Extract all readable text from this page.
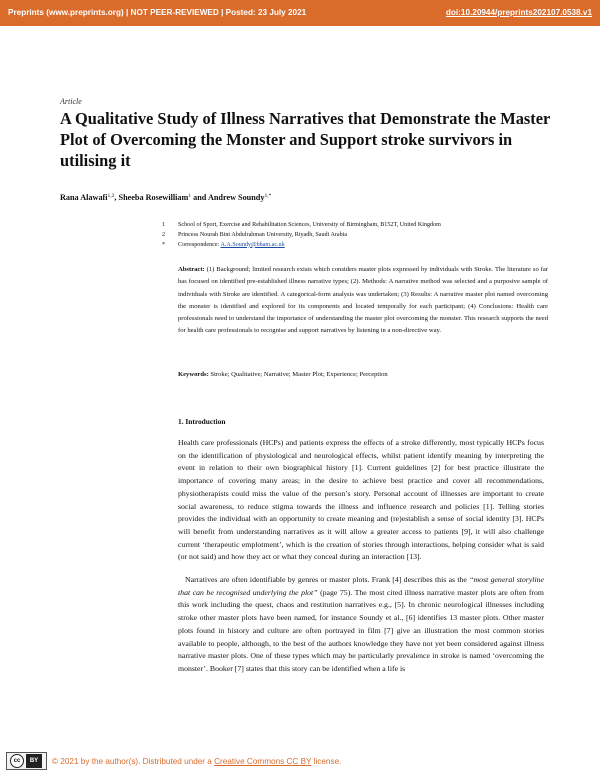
Preprints (www.preprints.org) | NOT PEER-REVIEWED | Posted: 23 July 2021	doi:10.20944/preprints202107.0538.v1
Article
A Qualitative Study of Illness Narratives that Demonstrate the Master Plot of Overcoming the Monster and Support stroke survivors in utilising it
Rana Alawafi$^{1,2}$, Sheeba Rosewilliam$^1$ and Andrew Soundy$^{1,*}$
1 School of Sport, Exercise and Rehabilitation Sciences, University of Birmingham, B152T, United Kingdom
2 Princess Nourah Bint Abdulrahman University, Riyadh, Saudi Arabia
* Correspondence: A.A.Soundy@bham.ac.uk

Abstract: (1) Background; limited research exists which considers master plots expressed by individuals with Stroke. The literature so far has focused on identified pre-established illness narrative types; (2). Methods: A narrative method was selected and a purposive sample of individuals with Stroke are identified. A categorical-form analysis was undertaken; (3) Results: A narrative master plot named overcoming the monster is identified and explored for its components and located temporally for each participant; (4) Conclusions: Health care professionals need to understand the importance of understanding the master plot overcoming the monster. This research supports the need for health care professionals to recognise and support narratives by listening in a non-directive way.

Keywords: Stroke; Qualitative; Narrative; Master Plot; Experience; Perception

1. Introduction

Health care professionals (HCPs) and patients express the effects of a stroke differently, most typically HCPs focus on the identification of physiological and neurological effects, whilst patient identify meaning by interpreting the event in relation to their own biographical history [1]. Current guidelines [2] for best practice illustrate the importance of covering many areas; in the desire to achieve best practice and cover all recommendations, physiotherapists could miss the value of the person’s story. Personal account of illnesses are important to create social awareness, to reduce stigma towards the illness and influence research and policies [1]. Telling stories provides the individual with an opportunity to create meaning and (re)establish a sense of social identity [3]. HCPs will benefit from understanding narratives as it will allow a greater access to patients [9], it will also challenge current ‘therapeutic emplotment’, which is the creation of stories through interactions, helping consider what is said (or not said) and how they act or what they conceal during an interaction [13].

Narratives are often identifiable by genres or master plots. Frank [4] describes this as the “most general storyline that can be recognised underlying the plot” (page 75). The most cited illness narrative master plots are often from this work including the quest, chaos and restitution narratives e.g., [5]. In chronic neurological illnesses including stroke other master plots have been named, for instance Soundy et al., [6] identifies 13 master plots. Other master plots found in history and culture are often portrayed in film [7] give an illustration the most common stories available to people, although, to the best of the authors knowledge they have not yet been considered against illness narrative master plots. One of these types which may be particularly prevalence in stroke is named ‘overcoming the monster’. Booker [7] states that this story can be identified when a life is

cc	BY	© 2021 by the author(s). Distributed under a Creative Commons CC BY license.
